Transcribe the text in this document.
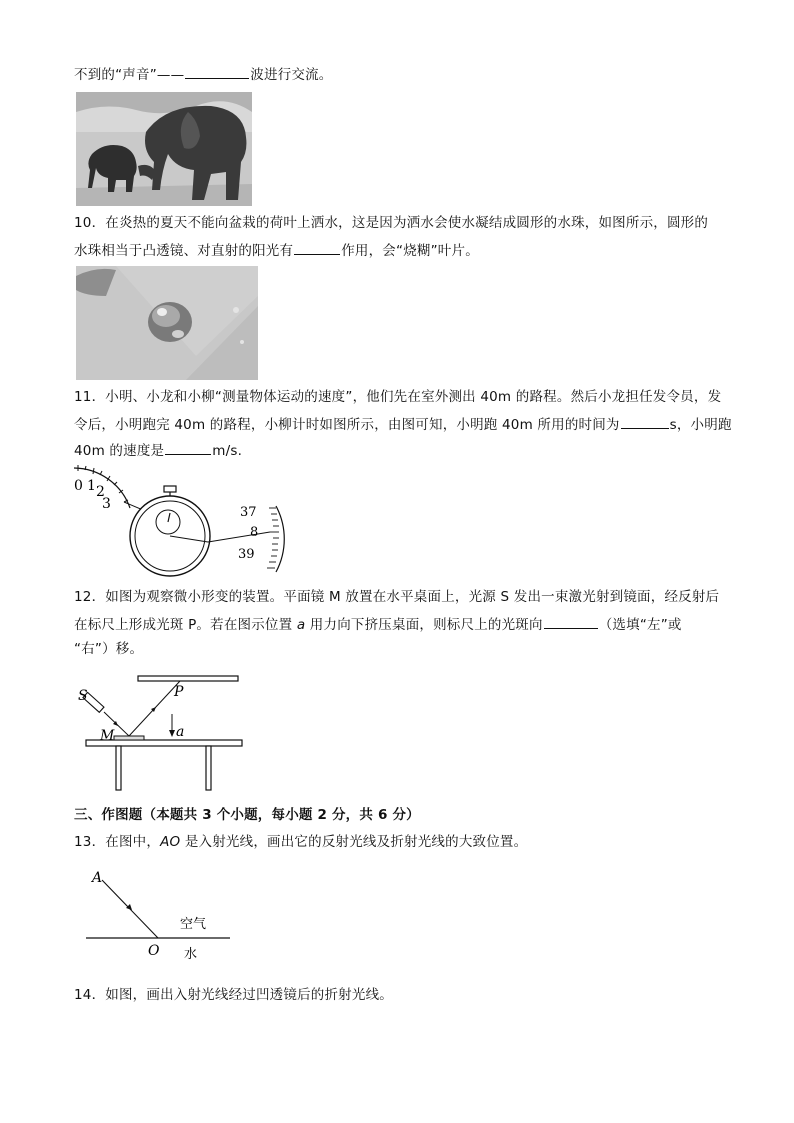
不到的“声音”——	波进行交流。
10．在炎热的夏天不能向盆栽的荷叶上洒水，这是因为洒水会使水凝结成圆形的水珠，如图所示，圆形的
水珠相当于凸透镜、对直射的阳光有	作用，会“烧糊”叶片。
11．小明、小龙和小柳“测量物体运动的速度”，他们先在室外测出 40m 的路程。然后小龙担任发令员，发
令后，小明跑完 40m 的路程，小柳计时如图所示，由图可知，小明跑 40m 所用的时间为	s，小明跑
40m 的速度是	m/s.
0 1 2
3
37
8
39
12．如图为观察微小形变的装置。平面镜 M 放置在水平桌面上，光源 S 发出一束激光射到镜面，经反射后
在标尺上形成光斑 P。若在图示位置 a 用力向下挤压桌面，则标尺上的光斑向	（选填“左”或
“右”）移。
S	P
M	a
三、作图题（本题共 3 个小题，每小题 2 分，共 6 分）
13．在图中，AO 是入射光线，画出它的反射光线及折射光线的大致位置。
A
O
空气
水
14．如图，画出入射光线经过凹透镜后的折射光线。
